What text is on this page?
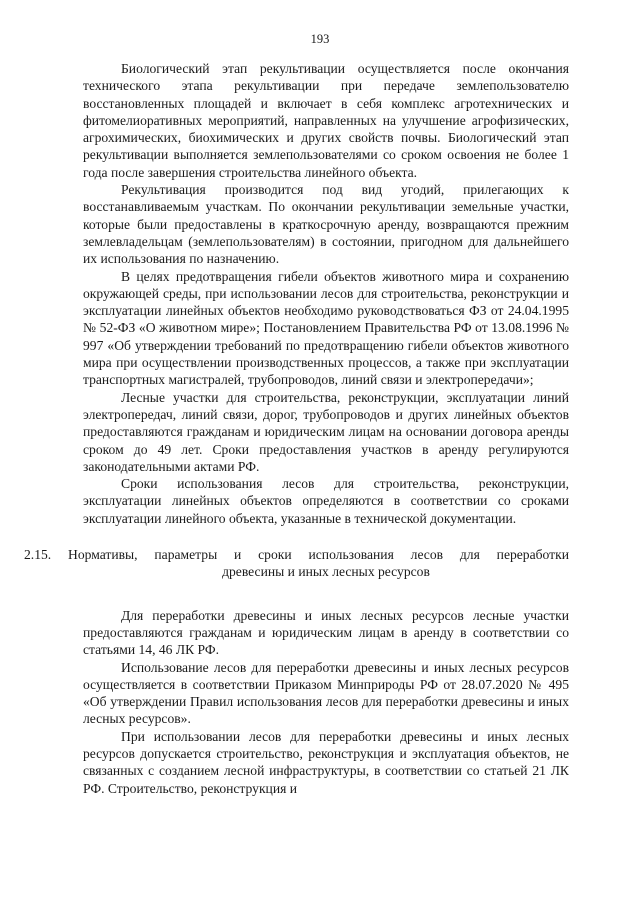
193

Биологический этап рекультивации осуществляется после окончания технического этапа рекультивации при передаче землепользователю восстановленных площадей и включает в себя комплекс агротехнических и фитомелиоративных мероприятий, направленных на улучшение агрофизических, агрохимических, биохимических и других свойств почвы. Биологический этап рекультивации выполняется землепользователями со сроком освоения не более 1 года после завершения строительства линейного объекта.

Рекультивация производится под вид угодий, прилегающих к восстанавливаемым участкам. По окончании рекультивации земельные участки, которые были предоставлены в краткосрочную аренду, возвращаются прежним землевладельцам (землепользователям) в состоянии, пригодном для дальнейшего их использования по назначению.

В целях предотвращения гибели объектов животного мира и сохранению окружающей среды, при использовании лесов для строительства, реконструкции и эксплуатации линейных объектов необходимо руководствоваться ФЗ от 24.04.1995 № 52-ФЗ «О животном мире»; Постановлением Правительства РФ от 13.08.1996 № 997 «Об утверждении требований по предотвращению гибели объектов животного мира при осуществлении производственных процессов, а также при эксплуатации транспортных магистралей, трубопроводов, линий связи и электропередачи»;

Лесные участки для строительства, реконструкции, эксплуатации линий электропередач, линий связи, дорог, трубопроводов и других линейных объектов предоставляются гражданам и юридическим лицам на основании договора аренды сроком до 49 лет. Сроки предоставления участков в аренду регулируются законодательными актами РФ.

Сроки использования лесов для строительства, реконструкции, эксплуатации линейных объектов определяются в соответствии со сроками эксплуатации линейного объекта, указанные в технической документации.

2.15. Нормативы, параметры и сроки использования лесов для переработки
древесины и иных лесных ресурсов

Для переработки древесины и иных лесных ресурсов лесные участки предоставляются гражданам и юридическим лицам в аренду в соответствии со статьями 14, 46 ЛК РФ.

Использование лесов для переработки древесины и иных лесных ресурсов осуществляется в соответствии Приказом Минприроды РФ от 28.07.2020 № 495 «Об утверждении Правил использования лесов для переработки древесины и иных лесных ресурсов».

При использовании лесов для переработки древесины и иных лесных ресурсов допускается строительство, реконструкция и эксплуатация объектов, не связанных с созданием лесной инфраструктуры, в соответствии со статьей 21 ЛК РФ. Строительство, реконструкция и
